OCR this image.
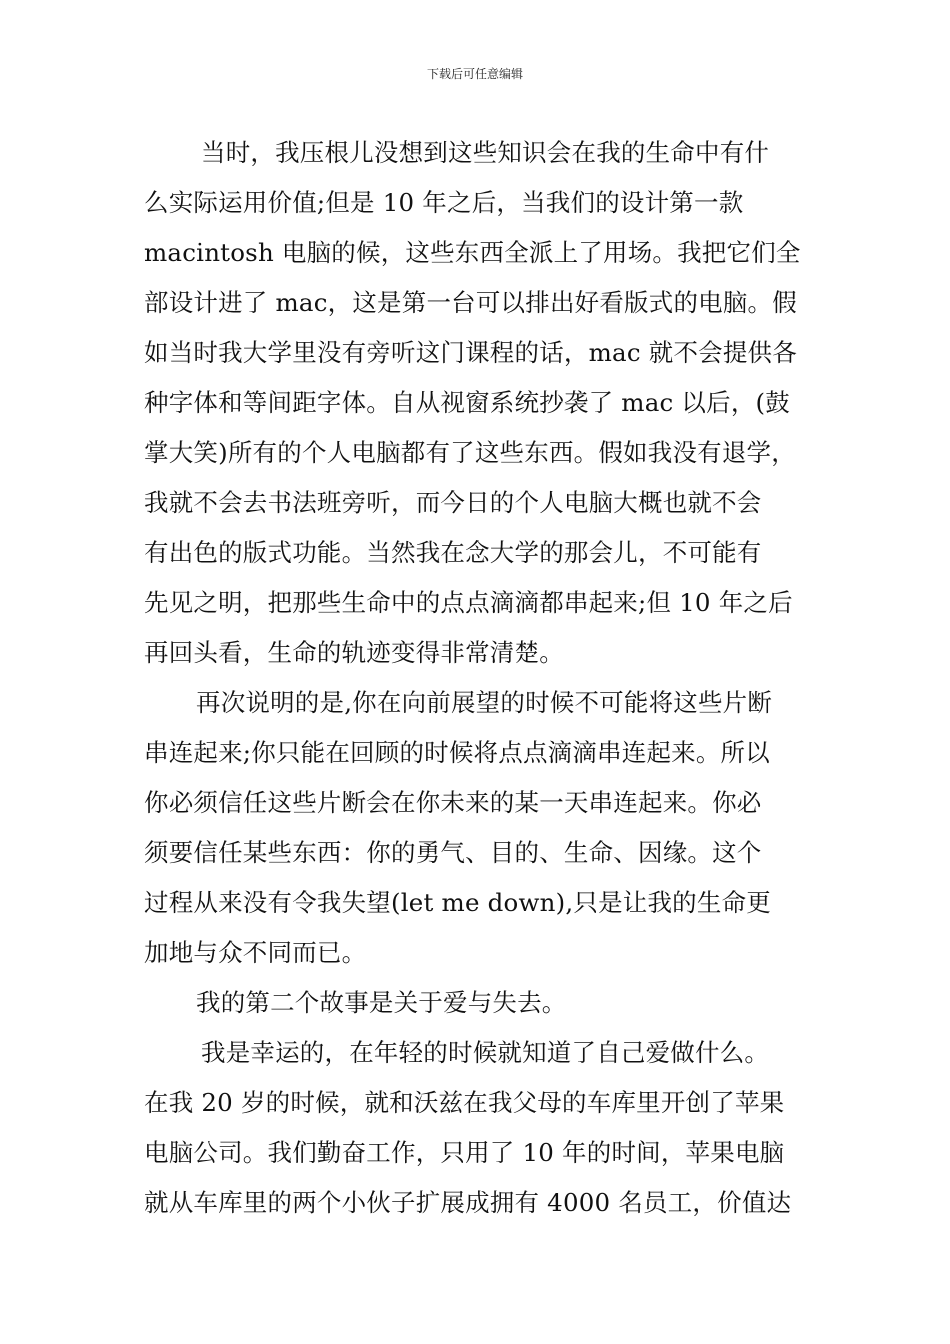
下载后可任意编辑
当时，我压根儿没想到这些知识会在我的生命中有什
么实际运用价值;但是 10 年之后，当我们的设计第一款
macintosh 电脑的候，这些东西全派上了用场。我把它们全
部设计进了 mac，这是第一台可以排出好看版式的电脑。假
如当时我大学里没有旁听这门课程的话，mac 就不会提供各
种字体和等间距字体。自从视窗系统抄袭了 mac 以后，(鼓
掌大笑)所有的个人电脑都有了这些东西。假如我没有退学，
我就不会去书法班旁听，而今日的个人电脑大概也就不会
有出色的版式功能。当然我在念大学的那会儿，不可能有
先见之明，把那些生命中的点点滴滴都串起来;但 10 年之后
再回头看，生命的轨迹变得非常清楚。
再次说明的是,你在向前展望的时候不可能将这些片断
串连起来;你只能在回顾的时候将点点滴滴串连起来。所以
你必须信任这些片断会在你未来的某一天串连起来。你必
须要信任某些东西：你的勇气、目的、生命、因缘。这个
过程从来没有令我失望(let me down),只是让我的生命更
加地与众不同而已。
我的第二个故事是关于爱与失去。
我是幸运的，在年轻的时候就知道了自己爱做什么。
在我 20 岁的时候，就和沃兹在我父母的车库里开创了苹果
电脑公司。我们勤奋工作，只用了 10 年的时间，苹果电脑
就从车库里的两个小伙子扩展成拥有 4000 名员工，价值达
